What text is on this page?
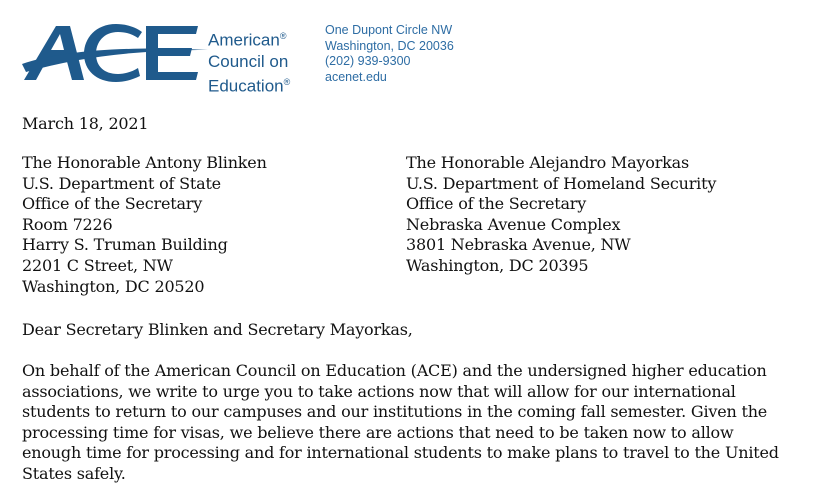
American®
Council on
Education®
One Dupont Circle NW
Washington, DC 20036
(202) 939-9300
acenet.edu
March 18, 2021
The Honorable Antony Blinken
U.S. Department of State
Office of the Secretary
Room 7226
Harry S. Truman Building
2201 C Street, NW
Washington, DC 20520
The Honorable Alejandro Mayorkas
U.S. Department of Homeland Security
Office of the Secretary
Nebraska Avenue Complex
3801 Nebraska Avenue, NW
Washington, DC 20395
Dear Secretary Blinken and Secretary Mayorkas,
On behalf of the American Council on Education (ACE) and the undersigned higher education
associations, we write to urge you to take actions now that will allow for our international
students to return to our campuses and our institutions in the coming fall semester. Given the
processing time for visas, we believe there are actions that need to be taken now to allow
enough time for processing and for international students to make plans to travel to the United
States safely.
